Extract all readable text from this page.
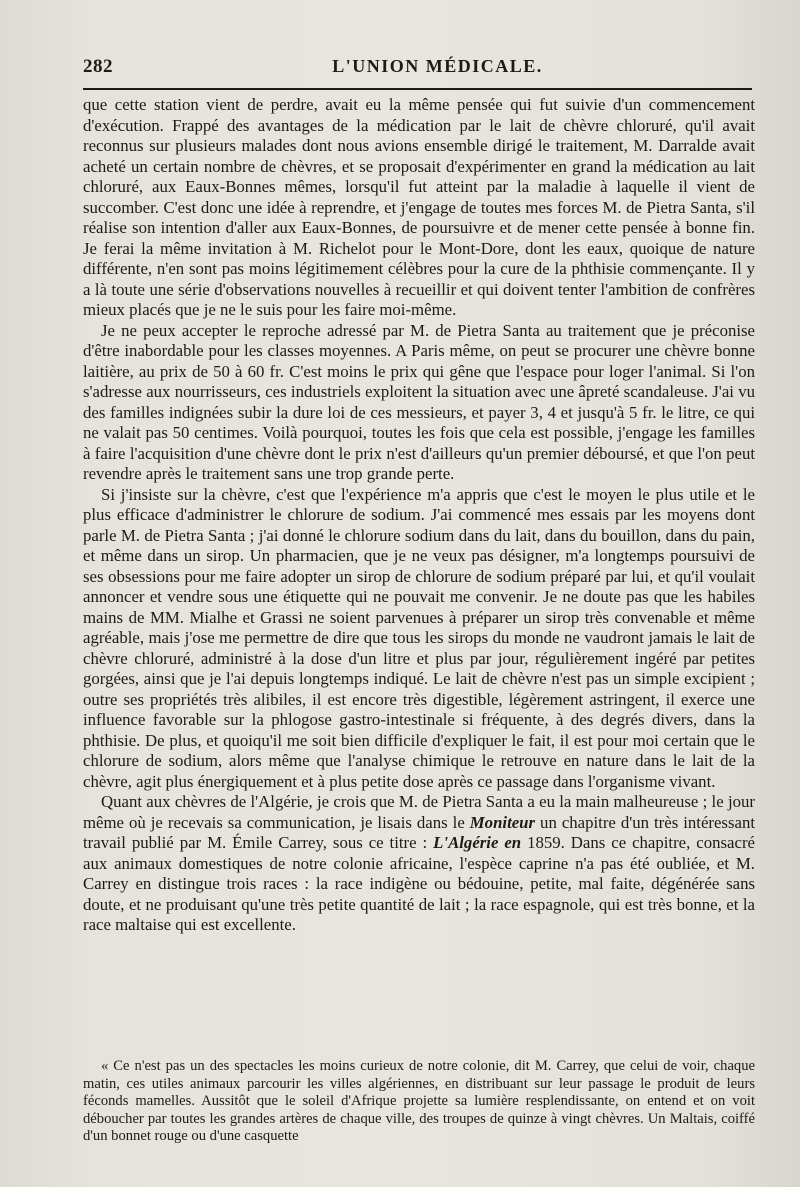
282	L'UNION MÉDICALE.

que cette station vient de perdre, avait eu la même pensée qui fut suivie d'un commencement d'exécution. Frappé des avantages de la médication par le lait de chèvre chloruré, qu'il avait reconnus sur plusieurs malades dont nous avions ensemble dirigé le traitement, M. Darralde avait acheté un certain nombre de chèvres, et se proposait d'expérimenter en grand la médication au lait chloruré, aux Eaux-Bonnes mêmes, lorsqu'il fut atteint par la maladie à laquelle il vient de succomber. C'est donc une idée à reprendre, et j'engage de toutes mes forces M. de Pietra Santa, s'il réalise son intention d'aller aux Eaux-Bonnes, de poursuivre et de mener cette pensée à bonne fin. Je ferai la même invitation à M. Richelot pour le Mont-Dore, dont les eaux, quoique de nature différente, n'en sont pas moins légitimement célèbres pour la cure de la phthisie commençante. Il y a là toute une série d'observations nouvelles à recueillir et qui doivent tenter l'ambition de confrères mieux placés que je ne le suis pour les faire moi-même.

Je ne peux accepter le reproche adressé par M. de Pietra Santa au traitement que je préconise d'être inabordable pour les classes moyennes. A Paris même, on peut se procurer une chèvre bonne laitière, au prix de 50 à 60 fr. C'est moins le prix qui gêne que l'espace pour loger l'animal. Si l'on s'adresse aux nourrisseurs, ces industriels exploitent la situation avec une âpreté scandaleuse. J'ai vu des familles indignées subir la dure loi de ces messieurs, et payer 3, 4 et jusqu'à 5 fr. le litre, ce qui ne valait pas 50 centimes. Voilà pourquoi, toutes les fois que cela est possible, j'engage les familles à faire l'acquisition d'une chèvre dont le prix n'est d'ailleurs qu'un premier déboursé, et que l'on peut revendre après le traitement sans une trop grande perte.

Si j'insiste sur la chèvre, c'est que l'expérience m'a appris que c'est le moyen le plus utile et le plus efficace d'administrer le chlorure de sodium. J'ai commencé mes essais par les moyens dont parle M. de Pietra Santa ; j'ai donné le chlorure sodium dans du lait, dans du bouillon, dans du pain, et même dans un sirop. Un pharmacien, que je ne veux pas désigner, m'a longtemps poursuivi de ses obsessions pour me faire adopter un sirop de chlorure de sodium préparé par lui, et qu'il voulait annoncer et vendre sous une étiquette qui ne pouvait me convenir. Je ne doute pas que les habiles mains de MM. Mialhe et Grassi ne soient parvenues à préparer un sirop très convenable et même agréable, mais j'ose me permettre de dire que tous les sirops du monde ne vaudront jamais le lait de chèvre chloruré, administré à la dose d'un litre et plus par jour, régulièrement ingéré par petites gorgées, ainsi que je l'ai depuis longtemps indiqué. Le lait de chèvre n'est pas un simple excipient ; outre ses propriétés très alibiles, il est encore très digestible, légèrement astringent, il exerce une influence favorable sur la phlogose gastro-intestinale si fréquente, à des degrés divers, dans la phthisie. De plus, et quoiqu'il me soit bien difficile d'expliquer le fait, il est pour moi certain que le chlorure de sodium, alors même que l'analyse chimique le retrouve en nature dans le lait de la chèvre, agit plus énergiquement et à plus petite dose après ce passage dans l'organisme vivant.

Quant aux chèvres de l'Algérie, je crois que M. de Pietra Santa a eu la main malheureuse ; le jour même où je recevais sa communication, je lisais dans le Moniteur un chapitre d'un très intéressant travail publié par M. Émile Carrey, sous ce titre : L'Algérie en 1859. Dans ce chapitre, consacré aux animaux domestiques de notre colonie africaine, l'espèce caprine n'a pas été oubliée, et M. Carrey en distingue trois races : la race indigène ou bédouine, petite, mal faite, dégénérée sans doute, et ne produisant qu'une très petite quantité de lait ; la race espagnole, qui est très bonne, et la race maltaise qui est excellente.

« Ce n'est pas un des spectacles les moins curieux de notre colonie, dit M. Carrey, que celui de voir, chaque matin, ces utiles animaux parcourir les villes algériennes, en distribuant sur leur passage le produit de leurs féconds mamelles. Aussitôt que le soleil d'Afrique projette sa lumière resplendissante, on entend et on voit déboucher par toutes les grandes artères de chaque ville, des troupes de quinze à vingt chèvres. Un Maltais, coiffé d'un bonnet rouge ou d'une casquette
